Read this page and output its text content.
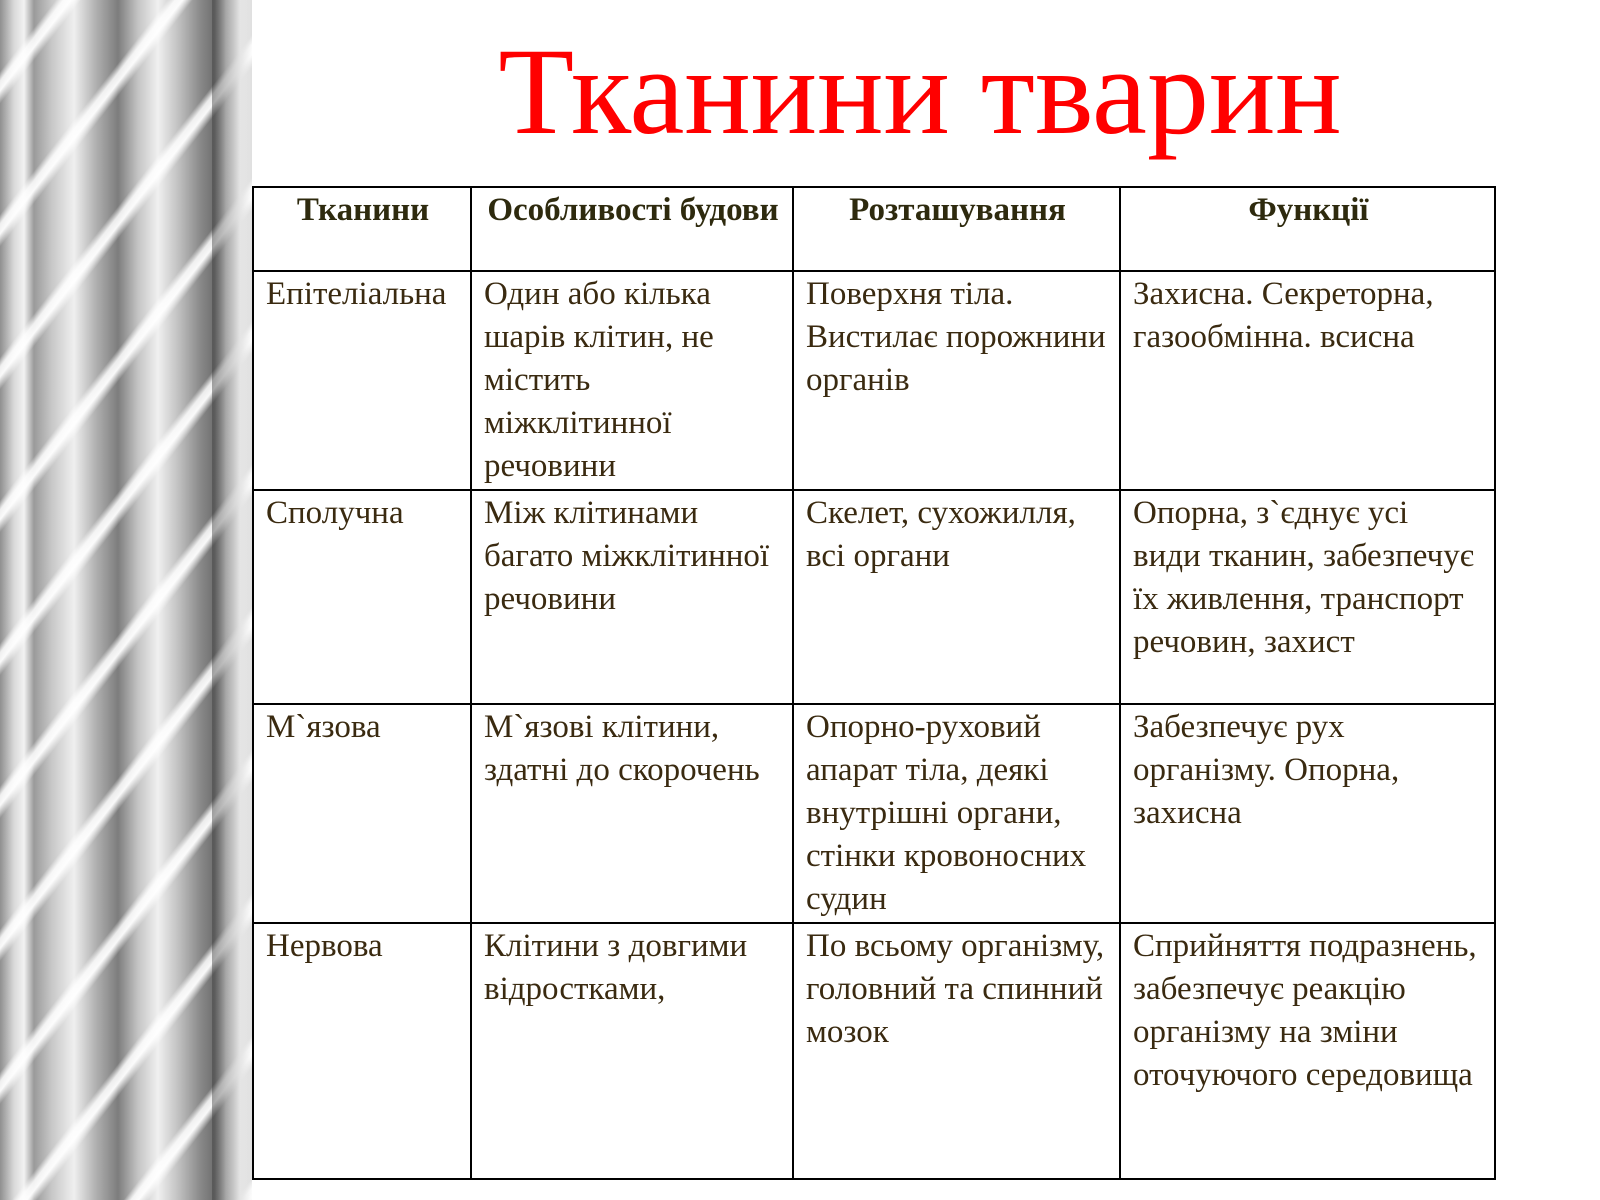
Тканини тварин
Тканини	Особливості будови	Розташування	Функції
Епітеліальна	Один або кілька шарів клітин, не містить міжклітинної речовини	Поверхня тіла. Вистилає порожнини органів	Захисна. Секреторна, газообмінна. всисна
Сполучна	Між клітинами багато міжклітинної речовини	Скелет, сухожилля, всі органи	Опорна, з`єднує усі види тканин, забезпечує їх живлення, транспорт речовин, захист
М`язова	М`язові клітини, здатні до скорочень	Опорно-руховий апарат тіла, деякі внутрішні органи, стінки кровоносних судин	Забезпечує рух організму. Опорна, захисна
Нервова	Клітини з довгими відростками,	По всьому організму, головний та спинний мозок	Сприйняття подразнень, забезпечує реакцію організму на зміни оточуючого середовища
